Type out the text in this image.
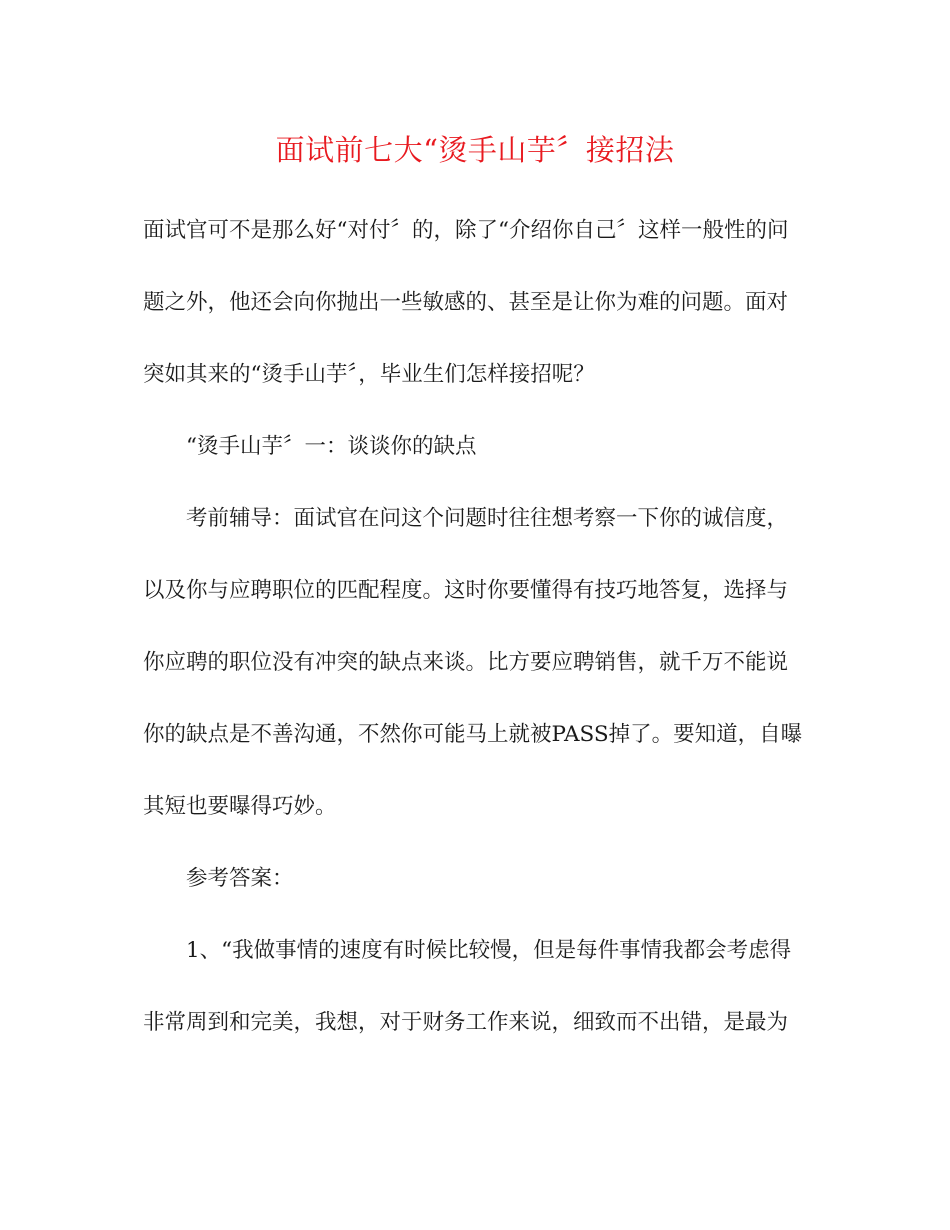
面试前七大“烫手山芋〞接招法
面试官可不是那么好“对付〞的，除了“介绍你自己〞这样一般性的问
题之外，他还会向你抛出一些敏感的、甚至是让你为难的问题。面对
突如其来的“烫手山芋〞，毕业生们怎样接招呢？
“烫手山芋〞一：谈谈你的缺点
考前辅导：面试官在问这个问题时往往想考察一下你的诚信度，
以及你与应聘职位的匹配程度。这时你要懂得有技巧地答复，选择与
你应聘的职位没有冲突的缺点来谈。比方要应聘销售，就千万不能说
你的缺点是不善沟通，不然你可能马上就被PASS掉了。要知道，自曝
其短也要曝得巧妙。
参考答案：
1、“我做事情的速度有时候比较慢，但是每件事情我都会考虑得
非常周到和完美，我想，对于财务工作来说，细致而不出错，是最为
